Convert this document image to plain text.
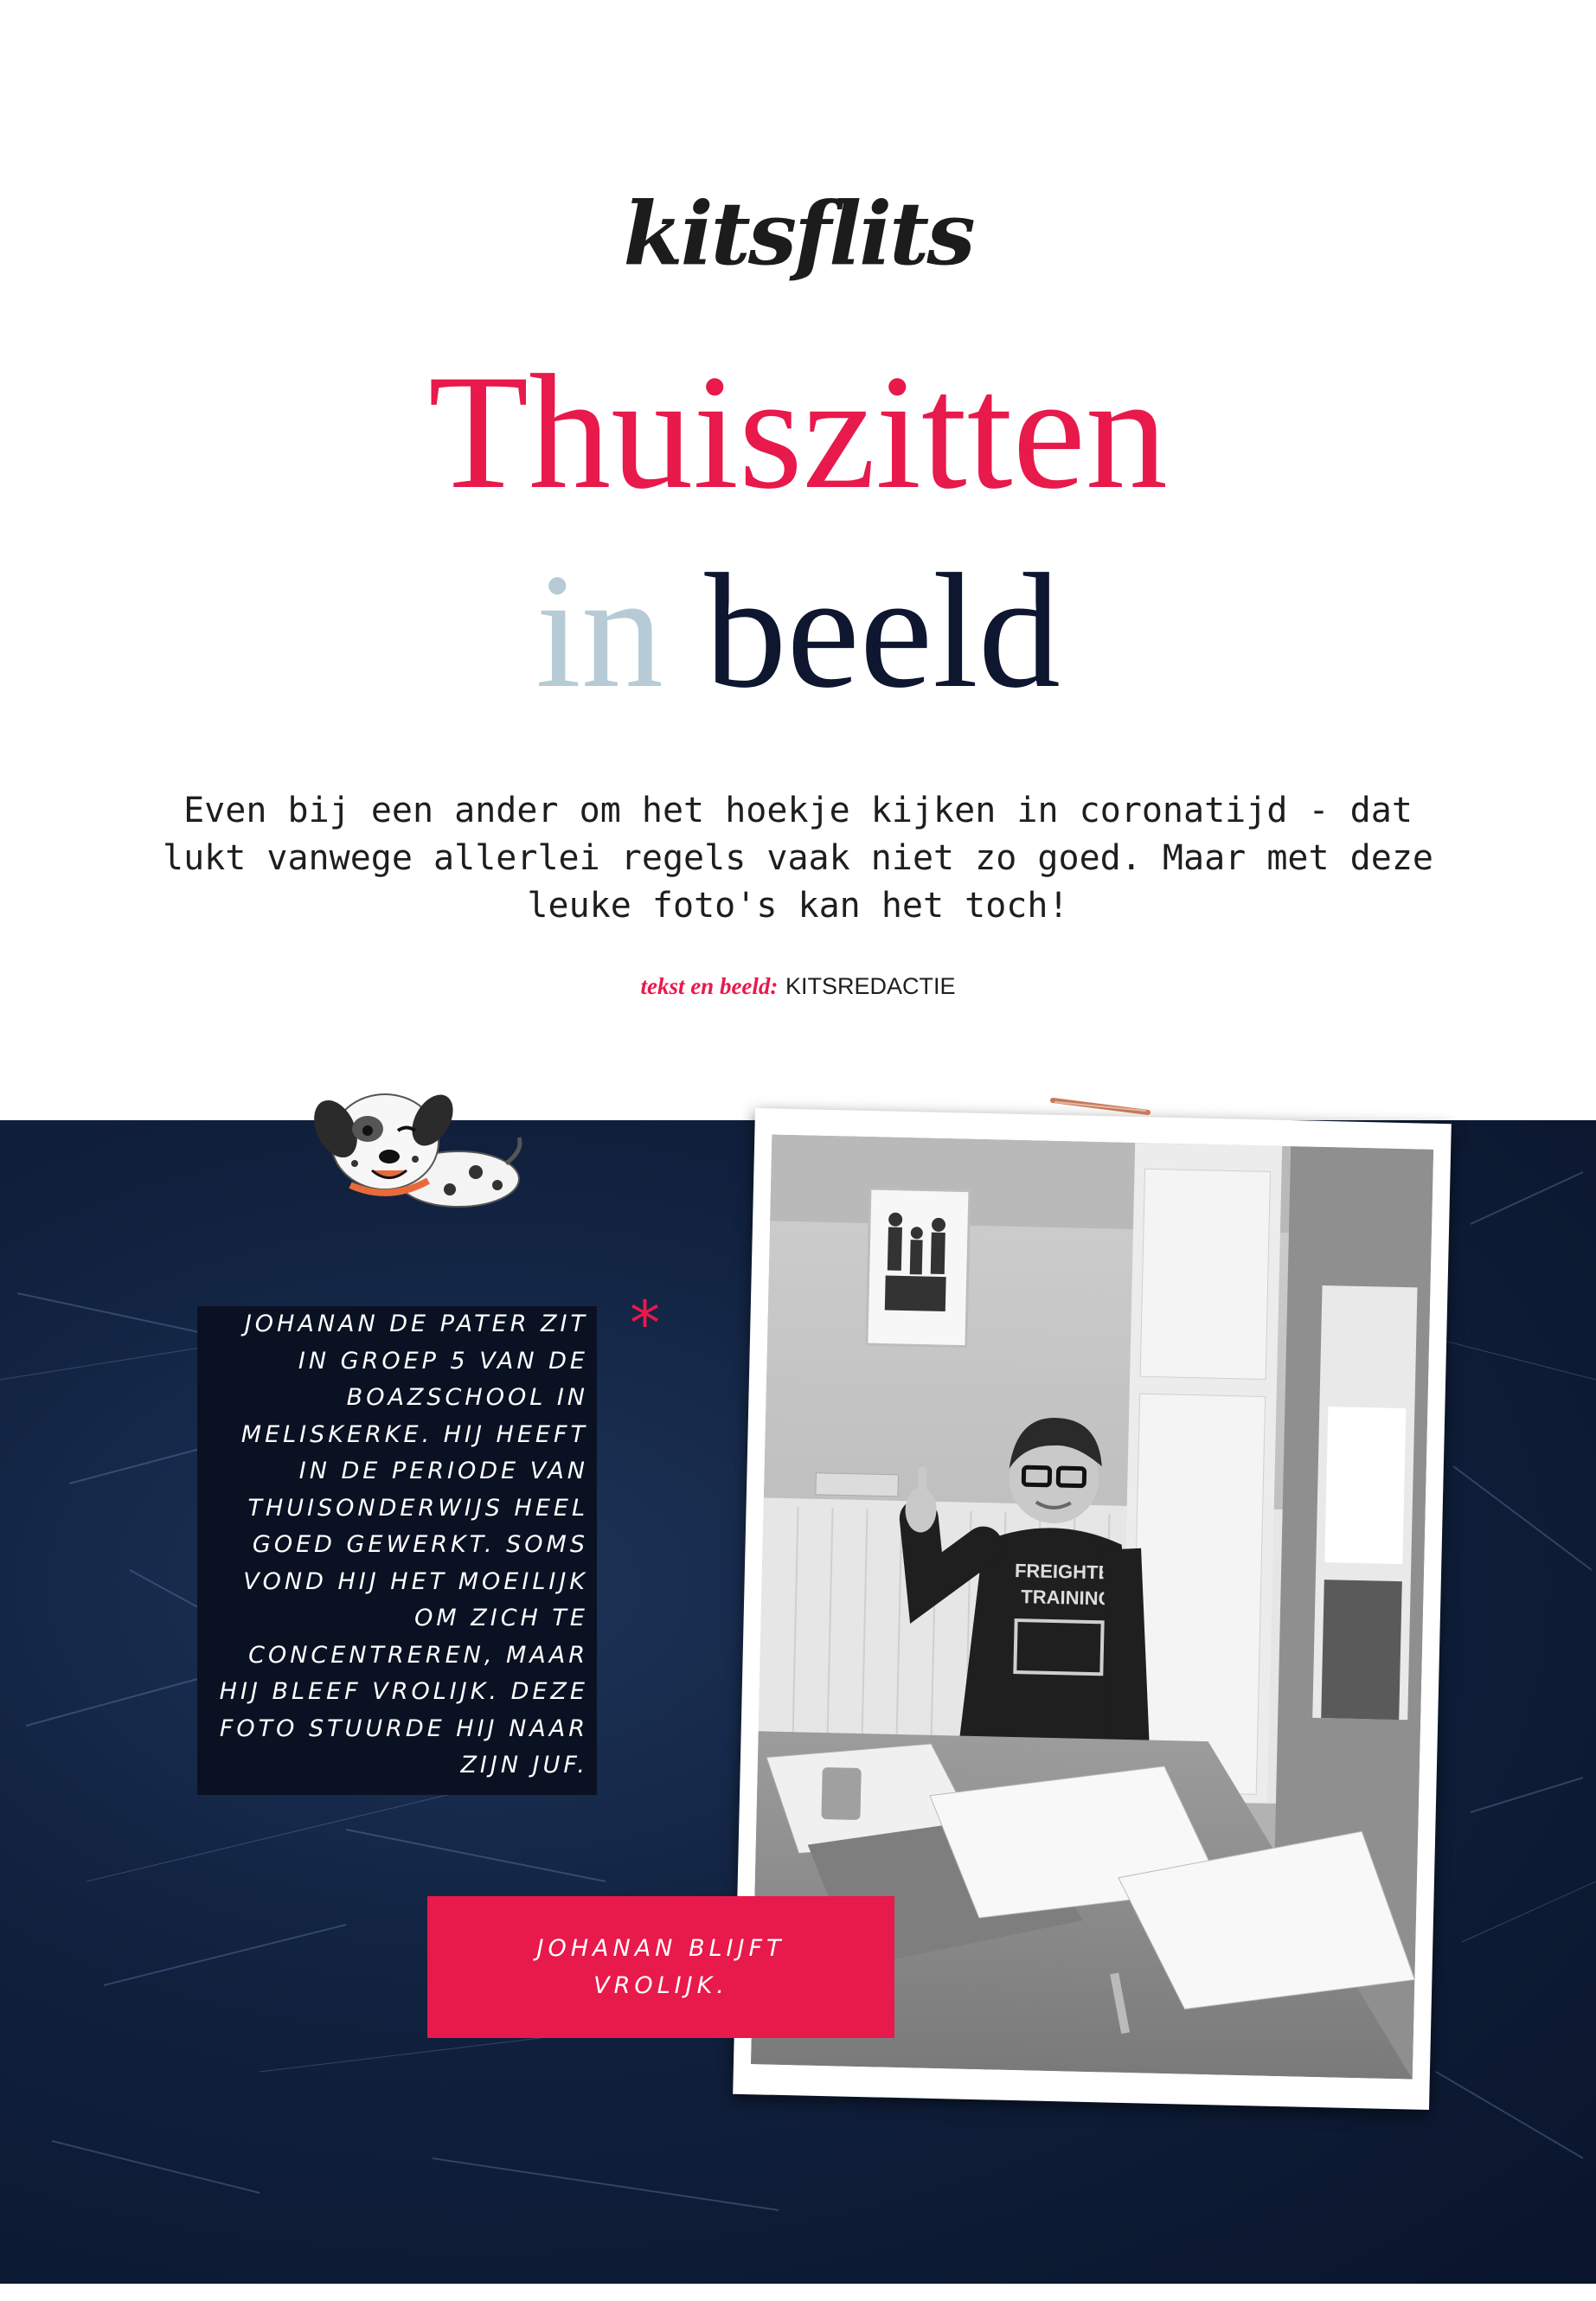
kitsflits
Thuiszitten
in beeld
Even bij een ander om het hoekje kijken in coronatijd - dat lukt vanwege allerlei regels vaak niet zo goed. Maar met deze leuke foto's kan het toch!
tekst en beeld: KITSREDACTIE
JOHANAN DE PATER ZIT IN GROEP 5 VAN DE BOAZSCHOOL IN MELISKERKE. HIJ HEEFT IN DE PERIODE VAN THUISONDERWIJS HEEL GOED GEWERKT. SOMS VOND HIJ HET MOEILIJK OM ZICH TE CONCENTREREN, MAAR HIJ BLEEF VROLIJK. DEZE FOTO STUURDE HIJ NAAR ZIJN JUF.
*
FREIGHTER
TRAINING
JOHANAN BLIJFT VROLIJK.
